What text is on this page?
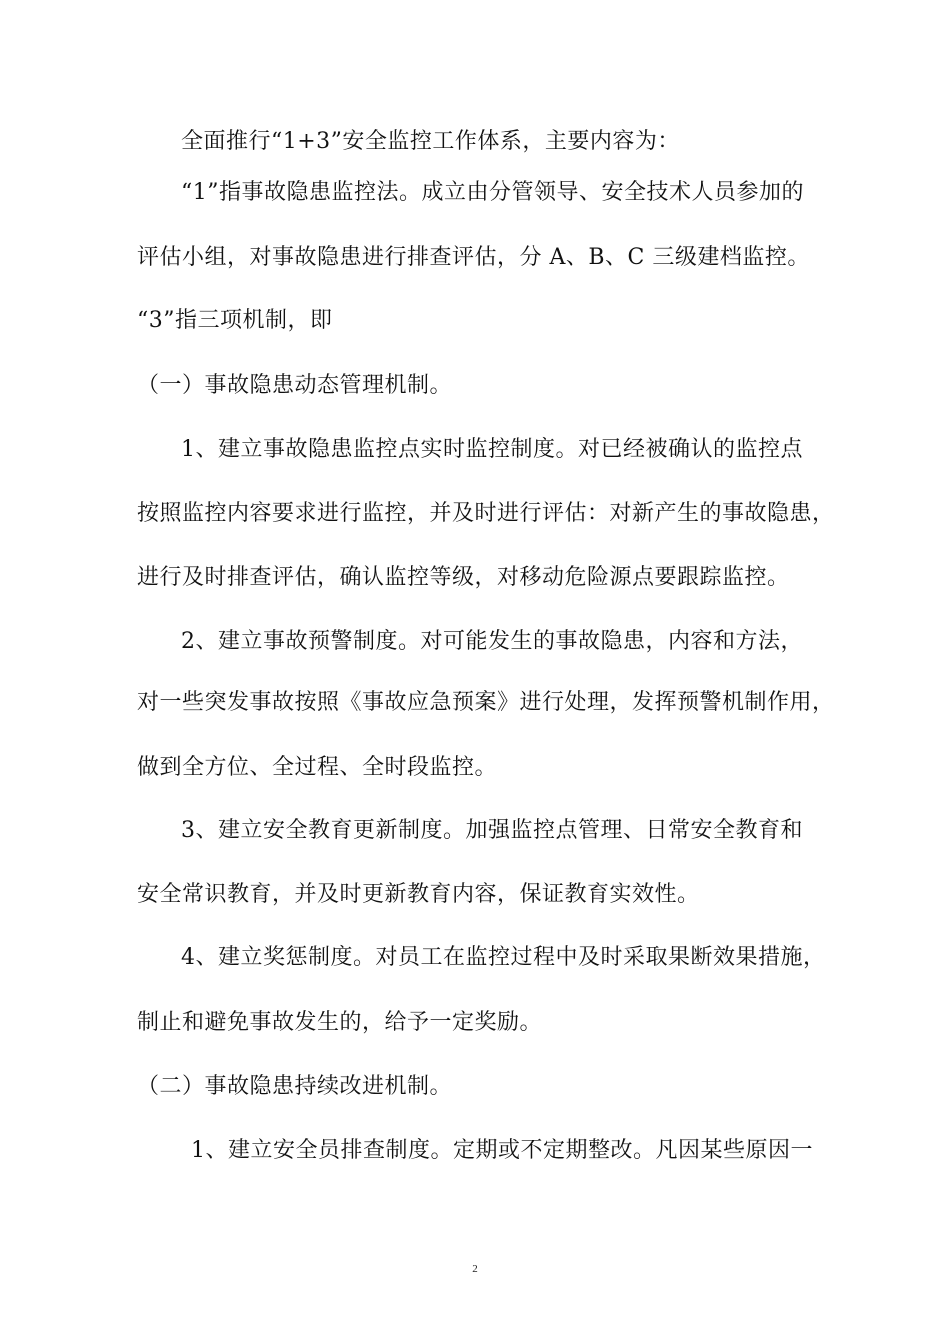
全面推行“1+3”安全监控工作体系，主要内容为：
“1”指事故隐患监控法。成立由分管领导、安全技术人员参加的
评估小组，对事故隐患进行排查评估，分 A、B、C 三级建档监控。
“3”指三项机制，即
（一）事故隐患动态管理机制。
1、建立事故隐患监控点实时监控制度。对已经被确认的监控点
按照监控内容要求进行监控，并及时进行评估：对新产生的事故隐患，
进行及时排查评估，确认监控等级，对移动危险源点要跟踪监控。
2、建立事故预警制度。对可能发生的事故隐患，内容和方法，
对一些突发事故按照《事故应急预案》进行处理，发挥预警机制作用，
做到全方位、全过程、全时段监控。
3、建立安全教育更新制度。加强监控点管理、日常安全教育和
安全常识教育，并及时更新教育内容，保证教育实效性。
4、建立奖惩制度。对员工在监控过程中及时采取果断效果措施，
制止和避免事故发生的，给予一定奖励。
（二）事故隐患持续改进机制。
1、建立安全员排查制度。定期或不定期整改。凡因某些原因一
2
